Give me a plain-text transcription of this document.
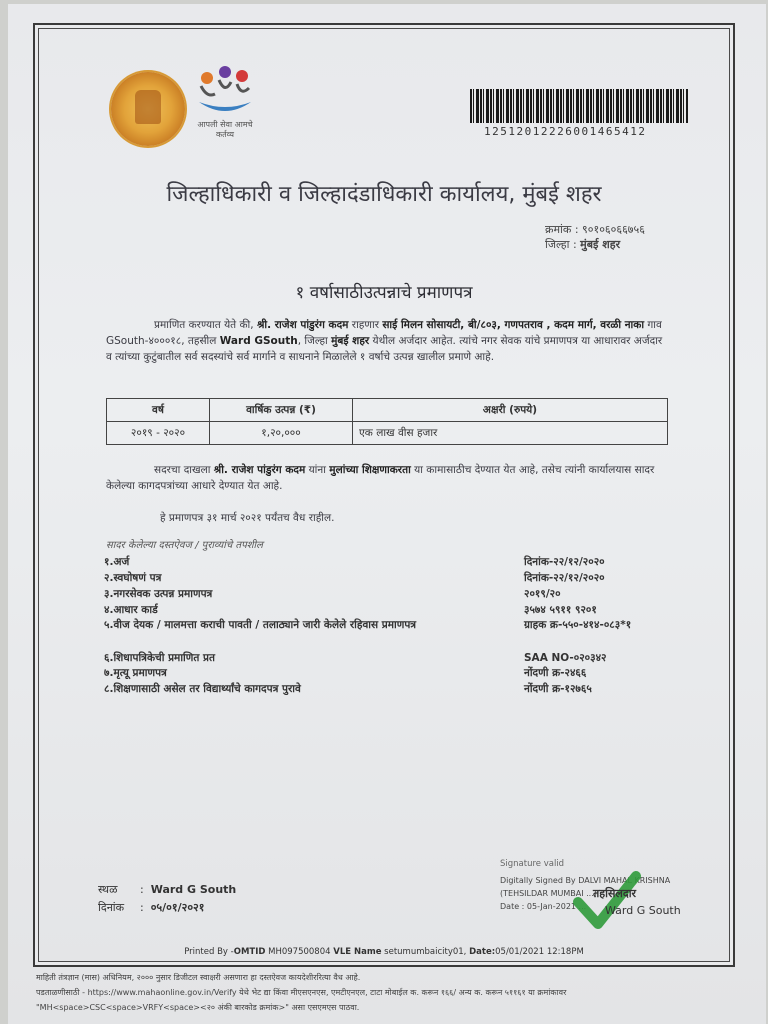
आपली सेवा आमचे कर्तव्य	12512012226001465412
जिल्हाधिकारी व जिल्हादंडाधिकारी कार्यालय, मुंबई शहर
क्रमांक : ९०१०६०६६७५६
जिल्हा : मुंबई शहर
१ वर्षासाठीउत्पन्नाचे प्रमाणपत्र
प्रमाणित करण्यात येते की, श्री. राजेश पांडुरंग कदम राहणार साई मिलन सोसायटी, बी/८०३, गणपतराव , कदम मार्ग, वरळी नाका गाव GSouth-४०००१८, तहसील Ward GSouth, जिल्हा मुंबई शहर येथील अर्जदार आहेत. त्यांचे नगर सेवक यांचे प्रमाणपत्र या आधारावर अर्जदार व त्यांच्या कुटुंबातील सर्व सदस्यांचे सर्व मार्गाने व साधनाने मिळालेले १ वर्षाचे उत्पन्न खालील प्रमाणे आहे.
वर्ष	वार्षिक उत्पन्न (₹)	अक्षरी (रुपये)
२०१९ - २०२०	१,२०,०००	एक लाख वीस हजार
सदरचा दाखला श्री. राजेश पांडुरंग कदम यांना मुलांच्या शिक्षणाकरता या कामासाठीच देण्यात येत आहे, तसेच त्यांनी कार्यालयास सादर केलेल्या कागदपत्रांच्या आधारे देण्यात येत आहे.
हे प्रमाणपत्र ३१ मार्च २०२१ पर्यंतच वैध राहील.
सादर केलेल्या दस्तऐवज / पुराव्यांचे तपशील
१.अर्ज	दिनांक-२२/१२/२०२०
२.स्वघोषणं पत्र	दिनांक-२२/१२/२०२०
३.नगरसेवक उत्पन्न प्रमाणपत्र	२०१९/२०
४.आधार कार्ड	३५७४ ५९११ ९२०१
५.वीज देयक / मालमत्ता कराची पावती / तलाठ्याने जारी केलेले रहिवास प्रमाणपत्र	ग्राहक क्र-५५०-४१४-०८३*१
६.शिधापत्रिकेची प्रमाणित प्रत	SAA NO-०२०३४२
७.मृत्यू प्रमाणपत्र	नोंदणी क्र-२४६६
८.शिक्षणासाठी असेल तर विद्यार्थ्यांचे कागदपत्र पुरावे	नोंदणी क्र-१२७६५
स्थळ :  Ward G South
दिनांक :  ०५/०१/२०२१
Signature valid
Digitally Signed By DALVI MAHAL KRISHNA
(TEHSILDAR MUMBAI ...)
Date : 05-Jan-2021 ...
तहसिलदार
Ward G South
Printed By -OMTID MH097500804 VLE Name setumumbaicity01, Date:05/01/2021 12:18PM
माहिती तंत्रज्ञान (मास) अधिनियम, २००० नुसार डिजीटल स्वाक्षरी असणारा हा दस्तऐवज कायदेशीररित्या वैध आहे.
पडताळणीसाठी - https://www.mahaonline.gov.in/Verify येथे भेट द्या किंवा मीएसएनएस, एमटीएनएल, टाटा मोबाईल क. करून १६६/ अन्य क. करून ५११६१ या क्रमांकावर
"MH<space>CSC<space>VRFY<space><२० अंकी बारकोड क्रमांक>" असा एसएमएस पाठवा.
